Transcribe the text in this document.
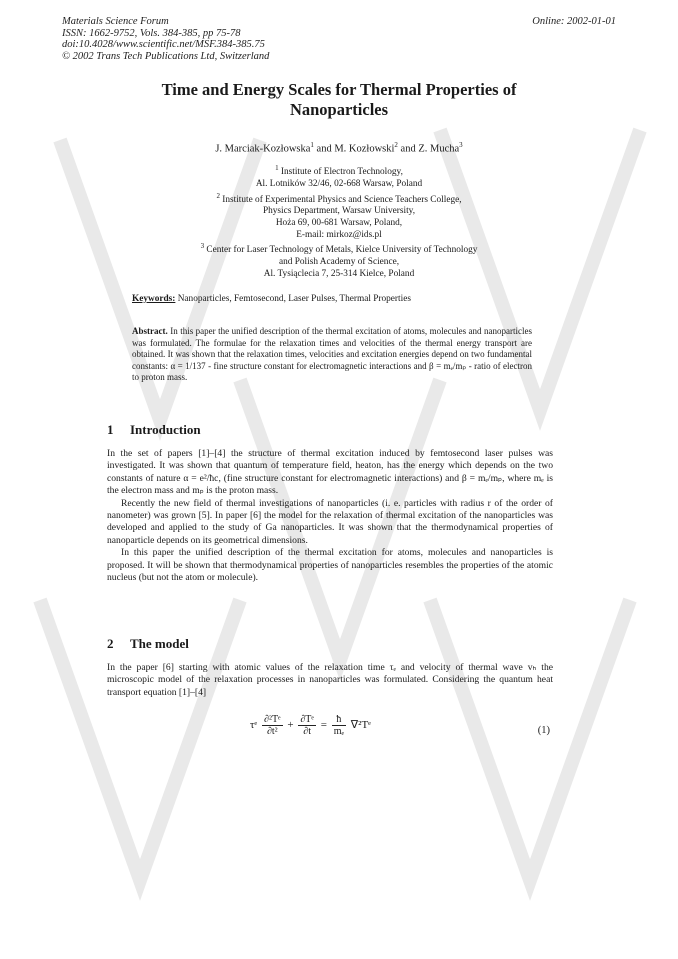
Materials Science Forum
ISSN: 1662-9752, Vols. 384-385, pp 75-78
doi:10.4028/www.scientific.net/MSF.384-385.75
© 2002 Trans Tech Publications Ltd, Switzerland
Online: 2002-01-01
Time and Energy Scales for Thermal Properties of
Nanoparticles
J. Marciak-Kozłowska$^1$ and M. Kozłowski$^2$ and Z. Mucha$^3$
$^1$ Institute of Electron Technology,
Al. Lotników 32/46, 02-668 Warsaw, Poland
$^2$ Institute of Experimental Physics and Science Teachers College,
Physics Department, Warsaw University,
Hoża 69, 00-681 Warsaw, Poland,
E-mail: mirkoz@ids.pl
$^3$ Center for Laser Technology of Metals, Kielce University of Technology
and Polish Academy of Science,
Al. Tysiąclecia 7, 25-314 Kielce, Poland
Keywords: Nanoparticles, Femtosecond, Laser Pulses, Thermal Properties
Abstract. In this paper the unified description of the thermal excitation of atoms, molecules and nanoparticles was formulated. The formulae for the relaxation times and velocities of the thermal energy transport are obtained. It was shown that the relaxation times, velocities and excitation energies depend on two fundamental constants: α = 1/137 - fine structure constant for electromagnetic interactions and β = mₑ/mₚ - ratio of electron to proton mass.
1 Introduction

In the set of papers [1]–[4] the structure of thermal excitation induced by femtosecond laser pulses was investigated. It was shown that quantum of temperature field, heaton, has the energy which depends on the two constants of nature α = e²/ħc, (fine structure constant for electromagnetic interactions) and β = mₑ/mₚ, where mₑ is the electron mass and mₚ is the proton mass.

Recently the new field of thermal investigations of nanoparticles (i. e. particles with radius r of the order of nanometer) was grown [5]. In paper [6] the model for the relaxation of thermal excitation of the nanoparticles was developed and applied to the study of Ga nanoparticles. It was shown that the thermodynamical properties of nanoparticle depends on its geometrical dimensions.

In this paper the unified description of the thermal excitation for atoms, molecules and nanoparticles is proposed. It will be shown that thermodynamical properties of nanoparticles resembles the properties of the atomic nucleus (but not the atom or molecule).

2 The model

In the paper [6] starting with atomic values of the relaxation time τₑ and velocity of thermal wave vₕ the microscopic model of the relaxation processes in nanoparticles was formulated. Considering the quantum heat transport equation [1]–[4]

τᵉ $\frac{\text{∂²Tᵉ}}{\text{∂t²}} + \frac{\text{∂Tᵉ}}{\partial t} = \frac{ħ}{\text{mₑ}}$ ∇²Tᵉ	(1)
